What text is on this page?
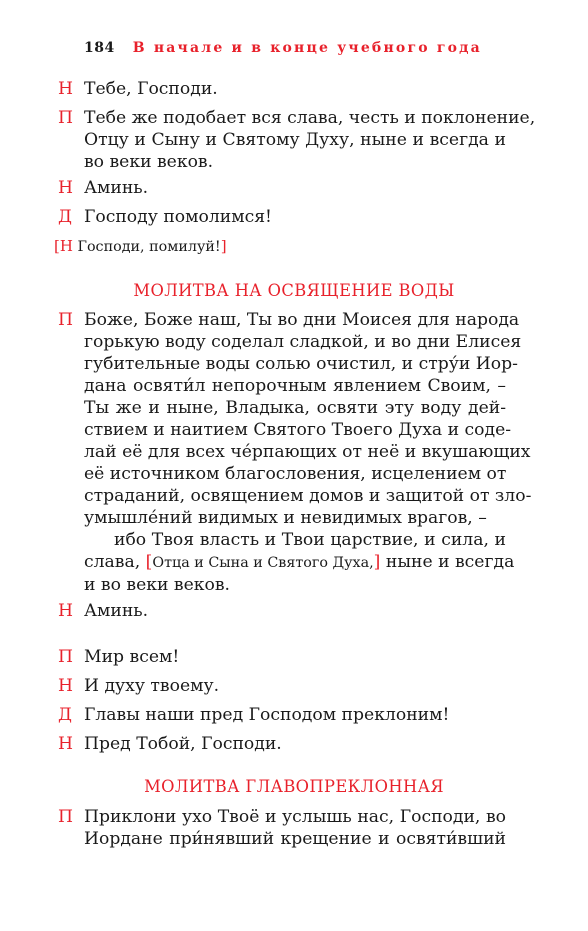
184 В начале и в конце учебного года
Н Тебе, Господи.
П Тебе же подобает вся слава, честь и поклонение,
Отцу и Сыну и Святому Духу, ныне и всегда и
во веки веков.
Н Аминь.
Д Господу помолимся!
[Н Господи, помилуй!]
МОЛИТВА НА ОСВЯЩЕНИЕ ВОДЫ
П Боже, Боже наш, Ты во дни Моисея для народа
горькую воду соделал сладкой, и во дни Елисея
губительные воды солью очистил, и стру́и Иор-
дана освяти́л непорочным явлением Своим, –
Ты же и ныне, Владыка, освяти эту воду дей-
ствием и наитием Святого Твоего Духа и соде-
лай её для всех че́рпающих от неё и вкушающих
её источником благословения, исцелением от
страданий, освящением домов и защитой от зло-
умышле́ний видимых и невидимых врагов, –
ибо Твоя власть и Твои царствие, и сила, и
слава, [Отца и Сына и Святого Духа,] ныне и всегда
и во веки веков.
Н Аминь.
П Мир всем!
Н И духу твоему.
Д Главы наши пред Господом преклоним!
Н Пред Тобой, Господи.
МОЛИТВА ГЛАВОПРЕКЛОННАЯ
П Приклони ухо Твоё и услышь нас, Господи, во
Иордане при́нявший крещение и освяти́вший
